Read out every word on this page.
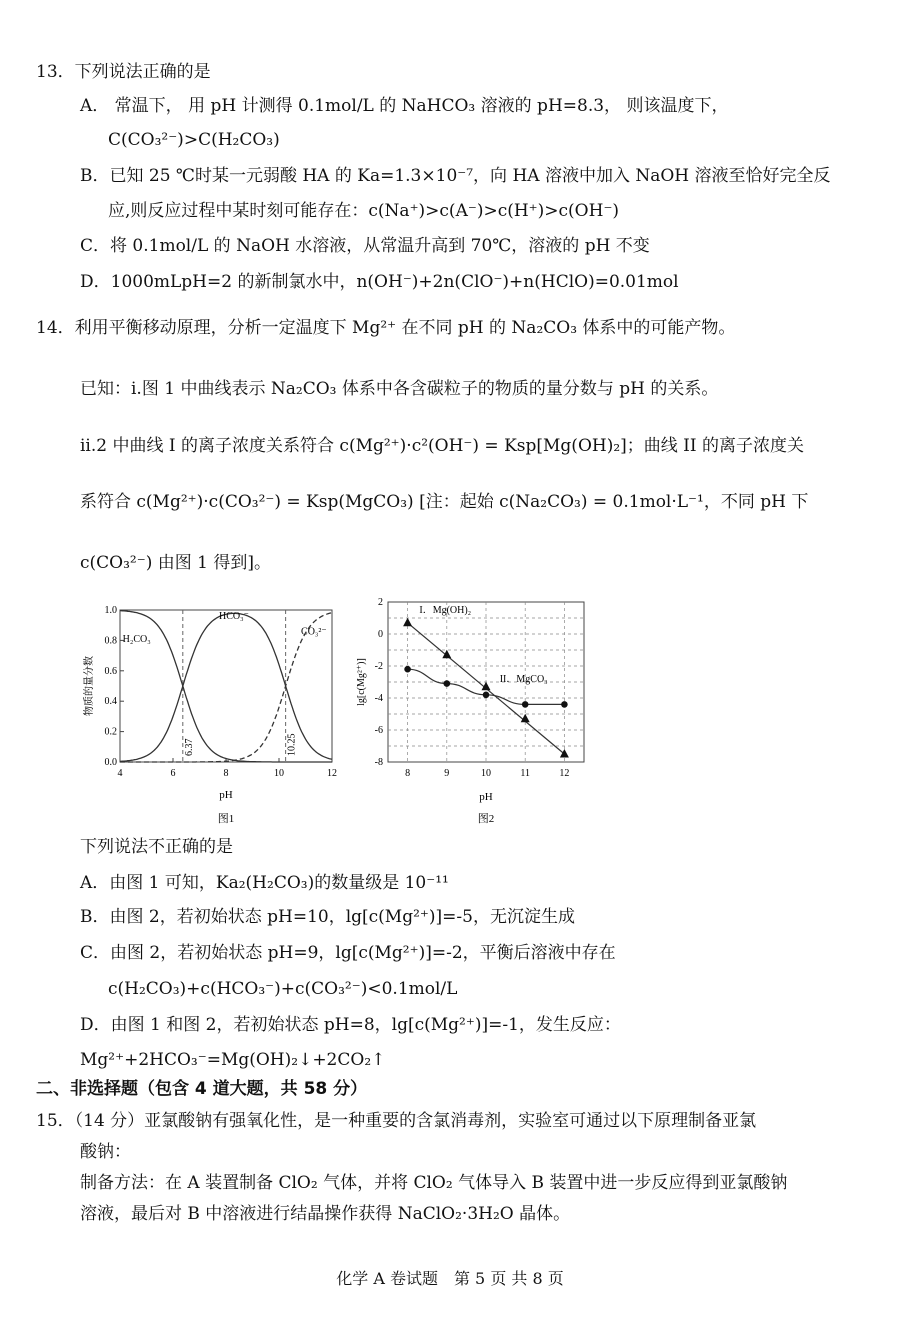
13．下列说法正确的是
A． 常温下， 用 pH 计测得 0.1mol/L 的 NaHCO₃ 溶液的 pH=8.3， 则该温度下，
C(CO₃²⁻)>C(H₂CO₃)
B．已知 25 ℃时某一元弱酸 HA 的 Ka=1.3×10⁻⁷，向 HA 溶液中加入 NaOH 溶液至恰好完全反
应,则反应过程中某时刻可能存在：c(Na⁺)>c(A⁻)>c(H⁺)>c(OH⁻)
C．将 0.1mol/L 的 NaOH 水溶液，从常温升高到 70℃，溶液的 pH 不变
D．1000mLpH=2 的新制氯水中，n(OH⁻)+2n(ClO⁻)+n(HClO)=0.01mol
14．利用平衡移动原理，分析一定温度下 Mg²⁺ 在不同 pH 的 Na₂CO₃ 体系中的可能产物。
已知：i.图 1 中曲线表示 Na₂CO₃ 体系中各含碳粒子的物质的量分数与 pH 的关系。
ii.2 中曲线 I 的离子浓度关系符合 c(Mg²⁺)·c²(OH⁻) = Ksp[Mg(OH)₂]；曲线 II 的离子浓度关
系符合 c(Mg²⁺)·c(CO₃²⁻) = Ksp(MgCO₃) [注：起始 c(Na₂CO₃) = 0.1mol·L⁻¹，不同 pH 下
c(CO₃²⁻) 由图 1 得到]。
4	6	8	10	12
0.0
0.2
0.4
0.6
0.8
1.0
6.37	10.25
H₂CO₃
HCO₃⁻
CO₃²⁻
物质的量分数
pH
图1
8	9	10	11	12
2
0
-2
-4
-6
-8
I．Mg(OH)₂
II．MgCO₃
lg[c(Mg²⁺)]
pH
图2
下列说法不正确的是
A．由图 1 可知，Ka₂(H₂CO₃)的数量级是 10⁻¹¹
B．由图 2，若初始状态 pH=10，lg[c(Mg²⁺)]=-5，无沉淀生成
C．由图 2，若初始状态 pH=9，lg[c(Mg²⁺)]=-2，平衡后溶液中存在
c(H₂CO₃)+c(HCO₃⁻)+c(CO₃²⁻)<0.1mol/L
D．由图 1 和图 2，若初始状态 pH=8，lg[c(Mg²⁺)]=-1，发生反应：
Mg²⁺+2HCO₃⁻=Mg(OH)₂↓+2CO₂↑
二、非选择题（包含 4 道大题，共 58 分）
15．（14 分）亚氯酸钠有强氧化性，是一种重要的含氯消毒剂，实验室可通过以下原理制备亚氯
酸钠：
制备方法：在 A 装置制备 ClO₂ 气体，并将 ClO₂ 气体导入 B 装置中进一步反应得到亚氯酸钠
溶液，最后对 B 中溶液进行结晶操作获得 NaClO₂·3H₂O 晶体。
化学 A 卷试题　第 5 页 共 8 页
